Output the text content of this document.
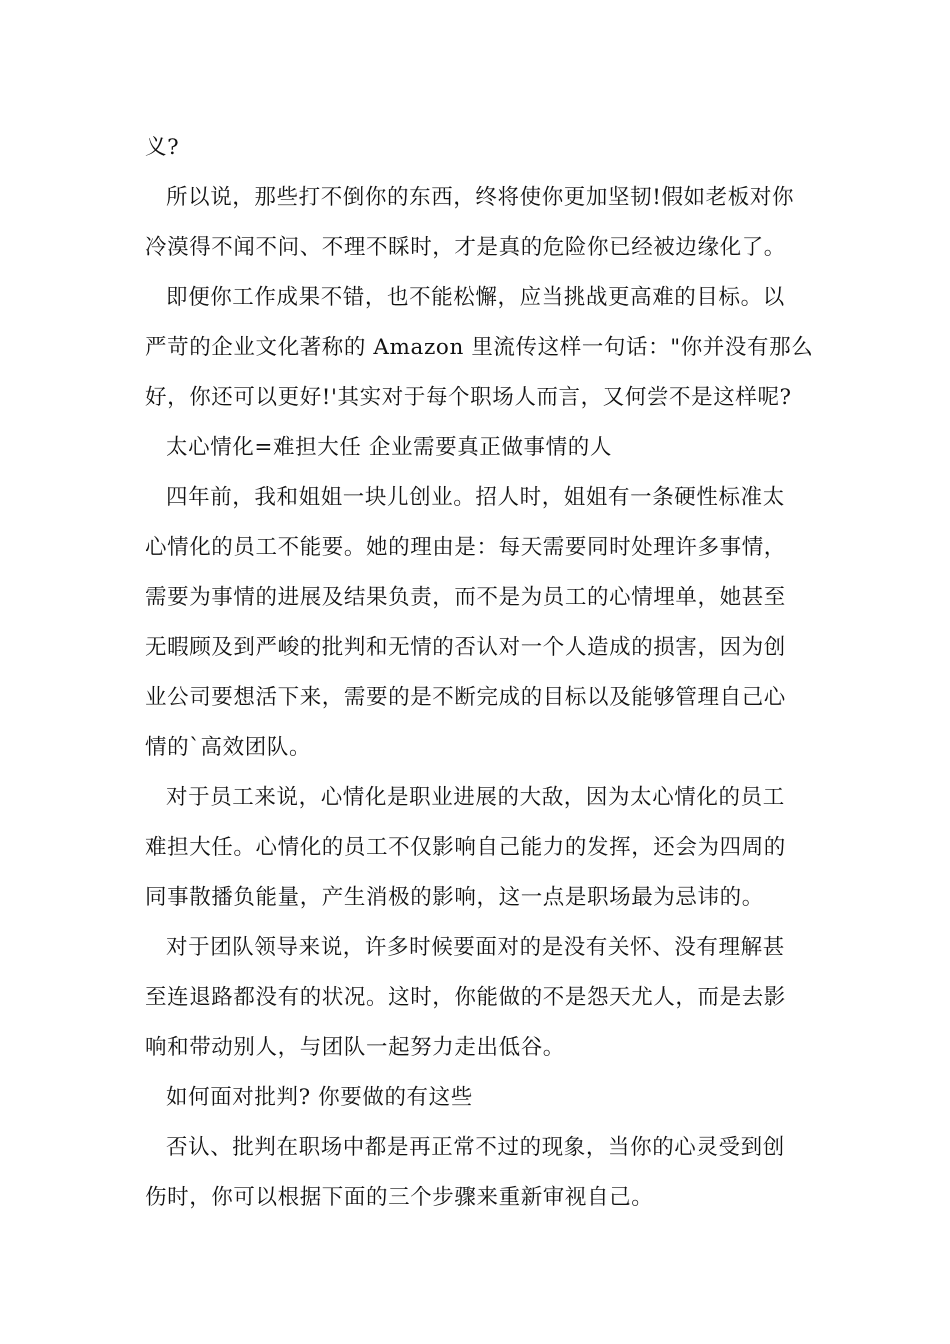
义?
所以说，那些打不倒你的东西，终将使你更加坚韧!假如老板对你
冷漠得不闻不问、不理不睬时，才是真的危险你已经被边缘化了。
即便你工作成果不错，也不能松懈，应当挑战更高难的目标。以
严苛的企业文化著称的 Amazon 里流传这样一句话："你并没有那么
好，你还可以更好!'其实对于每个职场人而言，又何尝不是这样呢?
太心情化=难担大任 企业需要真正做事情的人
四年前，我和姐姐一块儿创业。招人时，姐姐有一条硬性标准太
心情化的员工不能要。她的理由是：每天需要同时处理许多事情，
需要为事情的进展及结果负责，而不是为员工的心情埋单，她甚至
无暇顾及到严峻的批判和无情的否认对一个人造成的损害，因为创
业公司要想活下来，需要的是不断完成的目标以及能够管理自己心
情的`高效团队。
对于员工来说，心情化是职业进展的大敌，因为太心情化的员工
难担大任。心情化的员工不仅影响自己能力的发挥，还会为四周的
同事散播负能量，产生消极的影响，这一点是职场最为忌讳的。
对于团队领导来说，许多时候要面对的是没有关怀、没有理解甚
至连退路都没有的状况。这时，你能做的不是怨天尤人，而是去影
响和带动别人，与团队一起努力走出低谷。
如何面对批判? 你要做的有这些
否认、批判在职场中都是再正常不过的现象，当你的心灵受到创
伤时，你可以根据下面的三个步骤来重新审视自己。
